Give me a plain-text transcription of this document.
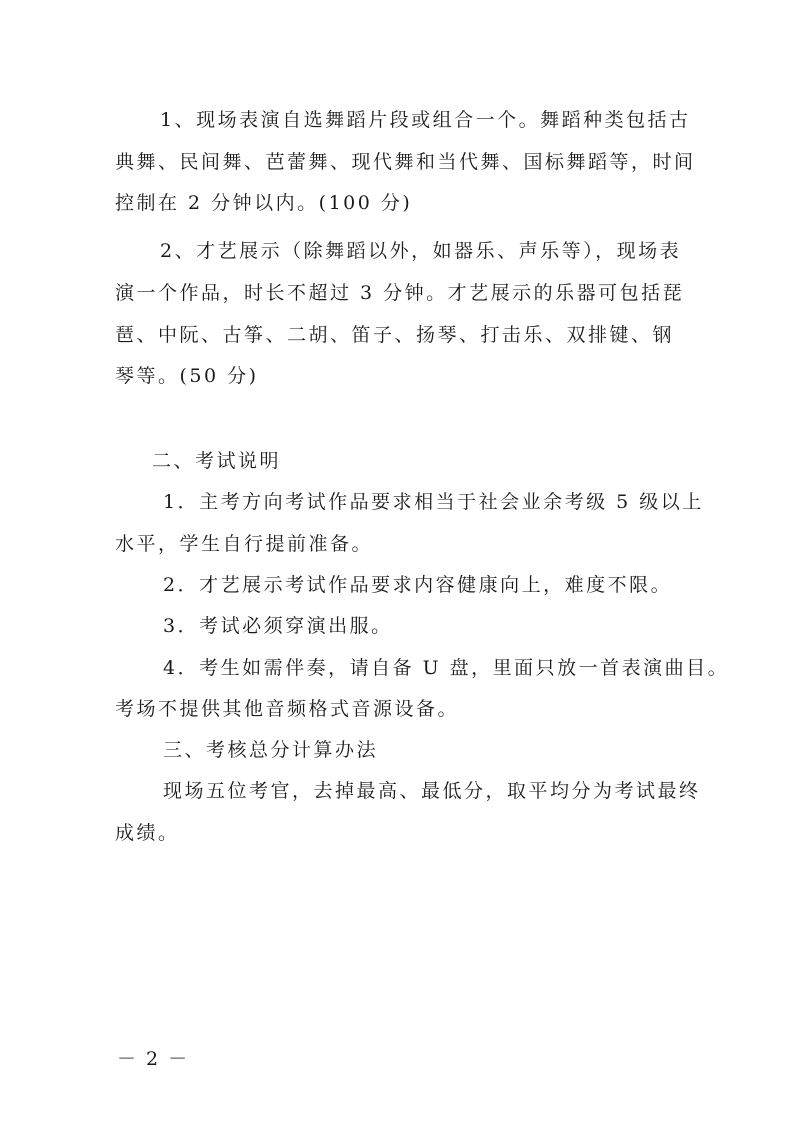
1、现场表演自选舞蹈片段或组合一个。舞蹈种类包括古
典舞、民间舞、芭蕾舞、现代舞和当代舞、国标舞蹈等，时间
控制在 2 分钟以内。(100 分)
2、才艺展示（除舞蹈以外，如器乐、声乐等），现场表
演一个作品，时长不超过 3 分钟。才艺展示的乐器可包括琵
琶、中阮、古筝、二胡、笛子、扬琴、打击乐、双排键、钢
琴等。(50 分)
二、考试说明
1．主考方向考试作品要求相当于社会业余考级 5 级以上
水平，学生自行提前准备。
2．才艺展示考试作品要求内容健康向上，难度不限。
3．考试必须穿演出服。
4．考生如需伴奏，请自备 U 盘，里面只放一首表演曲目。
考场不提供其他音频格式音源设备。
三、考核总分计算办法
现场五位考官，去掉最高、最低分，取平均分为考试最终
成绩。
－ 2 －
